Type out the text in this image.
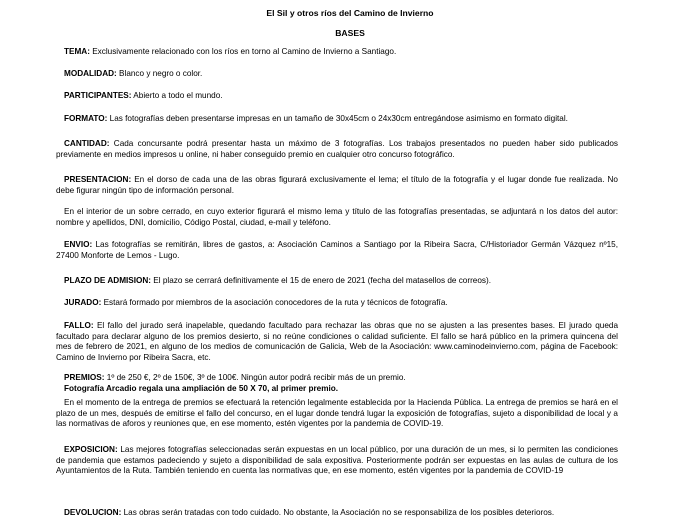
El Sil y otros ríos del Camino de Invierno
BASES
TEMA: Exclusivamente relacionado con los ríos en torno al Camino de Invierno a Santiago.
MODALIDAD: Blanco y negro o color.
PARTICIPANTES: Abierto a todo el mundo.
FORMATO: Las fotografías deben presentarse impresas en un tamaño de 30x45cm o 24x30cm entregándose asimismo en formato digital.
CANTIDAD: Cada concursante podrá presentar hasta un máximo de 3 fotografías. Los trabajos presentados no pueden haber sido publicados previamente en medios impresos u online, ni haber conseguido premio en cualquier otro concurso fotográfico.
PRESENTACION: En el dorso de cada una de las obras figurará exclusivamente el lema; el título de la fotografía y el lugar donde fue realizada. No debe figurar ningún tipo de información personal.
En el interior de un sobre cerrado, en cuyo exterior figurará el mismo lema y título de las fotografías presentadas, se adjuntará n los datos del autor: nombre y apellidos, DNI, domicilio, Código Postal, ciudad, e-mail y teléfono.
ENVIO: Las fotografías se remitirán, libres de gastos, a: Asociación Caminos a Santiago por la Ribeira Sacra, C/Historiador Germán Vázquez nº15, 27400 Monforte de Lemos - Lugo.
PLAZO DE ADMISION: El plazo se cerrará definitivamente el 15 de enero de 2021 (fecha del matasellos de correos).
JURADO: Estará formado por miembros de la asociación conocedores de la ruta y técnicos de fotografía.
FALLO: El fallo del jurado será inapelable, quedando facultado para rechazar las obras que no se ajusten a las presentes bases. El jurado queda facultado para declarar alguno de los premios desierto, si no reúne condiciones o calidad suficiente. El fallo se hará público en la primera quincena del mes de febrero de 2021, en alguno de los medios de comunicación de Galicia, Web de la Asociación: www.caminodeinvierno.com, página de Facebook: Camino de Invierno por Ribeira Sacra, etc.
PREMIOS: 1º de 250 €, 2º de 150€, 3º de 100€. Ningún autor podrá recibir más de un premio.
Fotografía Arcadio regala una ampliación de 50 X 70, al primer premio.
En el momento de la entrega de premios se efectuará la retención legalmente establecida por la Hacienda Pública. La entrega de premios se hará en el plazo de un mes, después de emitirse el fallo del concurso, en el lugar donde tendrá lugar la exposición de fotografías, sujeto a disponibilidad de local y a las normativas de aforos y reuniones que, en ese momento, estén vigentes por la pandemia de COVID-19.
EXPOSICION: Las mejores fotografías seleccionadas serán expuestas en un local público, por una duración de un mes, si lo permiten las condiciones de pandemia que estamos padeciendo y sujeto a disponibilidad de sala expositiva. Posteriormente podrán ser expuestas en las aulas de cultura de los Ayuntamientos de la Ruta. También teniendo en cuenta las normativas que, en ese momento, estén vigentes por la pandemia de COVID-19
DEVOLUCION: Las obras serán tratadas con todo cuidado. No obstante, la Asociación no se responsabiliza de los posibles deterioros.
